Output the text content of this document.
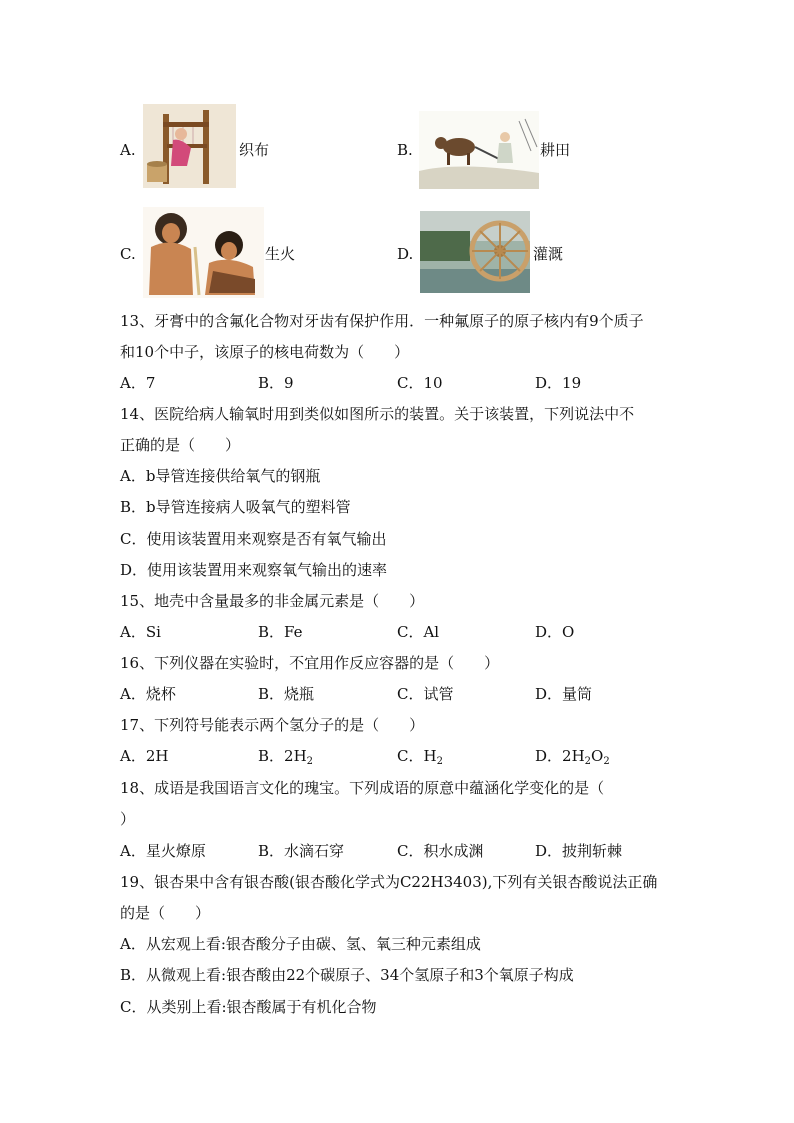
A.	织布	B.	耕田
C.	生火	D.	灌溉
13、牙膏中的含氟化合物对牙齿有保护作用．一种氟原子的原子核内有9个质子
和10个中子，该原子的核电荷数为（　　）
A．7	B．9	C．10	D．19
14、医院给病人输氧时用到类似如图所示的装置。关于该装置，下列说法中不
正确的是（　　）
A．b导管连接供给氧气的钢瓶
B．b导管连接病人吸氧气的塑料管
C．使用该装置用来观察是否有氧气输出
D．使用该装置用来观察氧气输出的速率
15、地壳中含量最多的非金属元素是（　　）
A．Si	B．Fe	C．Al	D．O
16、下列仪器在实验时，不宜用作反应容器的是（　　）
A．烧杯	B．烧瓶	C．试管	D．量筒
17、下列符号能表示两个氢分子的是（　　）
A．2H	B．$2H_2$	C．$H_2$	D．$2H_2O_2$
18、成语是我国语言文化的瑰宝。下列成语的原意中蕴涵化学变化的是（
）
A．星火燎原	B．水滴石穿	C．积水成渊	D．披荆斩棘
19、银杏果中含有银杏酸(银杏酸化学式为C22H3403),下列有关银杏酸说法正确
的是（　　）
A．从宏观上看:银杏酸分子由碳、氢、氧三种元素组成
B．从微观上看:银杏酸由22个碳原子、34个氢原子和3个氧原子构成
C．从类别上看:银杏酸属于有机化合物
